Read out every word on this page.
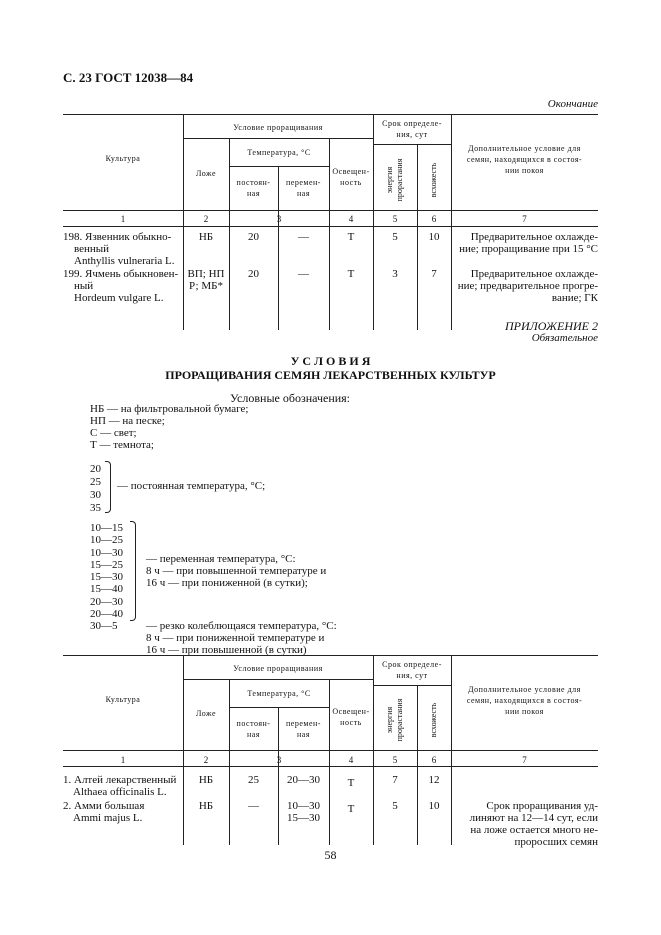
С. 23 ГОСТ 12038—84
Окончание
Культура
Условие проращивания
Ложе
Температура, °С
постоян-
ная
перемен-
ная
Освещен-
ность
Срок определе-
ния, сут
энергия прорастания	всхожесть
Дополнительное условие для
семян, находящихся в состоя-
нии покоя
1	2	3	4	5	6	7
198. Язвенник обыкно-
венный
Anthyllis vulneraria L.
НБ	20	—	Т	5	10	Предварительное охлажде-
ние; проращивание при 15 °С
199. Ячмень обыкновен-
ный
Hordeum vulgare L.
ВП; НП
Р; МБ*
20	—	Т	3	7	Предварительное охлажде-
ние; предварительное прогре-
вание; ГК
ПРИЛОЖЕНИЕ 2
Обязательное
У С Л О В И Я
ПРОРАЩИВАНИЯ СЕМЯН ЛЕКАРСТВЕННЫХ КУЛЬТУР
Условные обозначения:
НБ — на фильтровальной бумаге;
НП — на песке;
С — свет;
Т — темнота;
20
25
30
35
— постоянная температура, °С;
10—15
10—25
10—30
15—25
15—30
15—40
20—30
20—40
— переменная температура, °С:
8 ч — при повышенной температуре и
16 ч — при пониженной (в сутки);
30—5	— резко колеблющаяся температура, °С:
8 ч — при пониженной температуре и
16 ч — при повышенной (в сутки)
Культура
Условие проращивания
Ложе
Температура, °С
постоян-
ная
перемен-
ная
Освещен-
ность
Срок определе-
ния, сут
энергия прорастания	всхожесть
Дополнительное условие для
семян, находящихся в состоя-
нии покоя
1	2	3	4	5	6	7
1. Алтей лекарственный
Althaea officinalis L.
НБ	25	20—30	Т	7	12
2. Амми большая
Ammi majus L.
НБ	—	10—30
15—30
Т	5	10	Срок проращивания уд-
линяют на 12—14 сут, если
на ложе остается много не-
проросших семян
58
